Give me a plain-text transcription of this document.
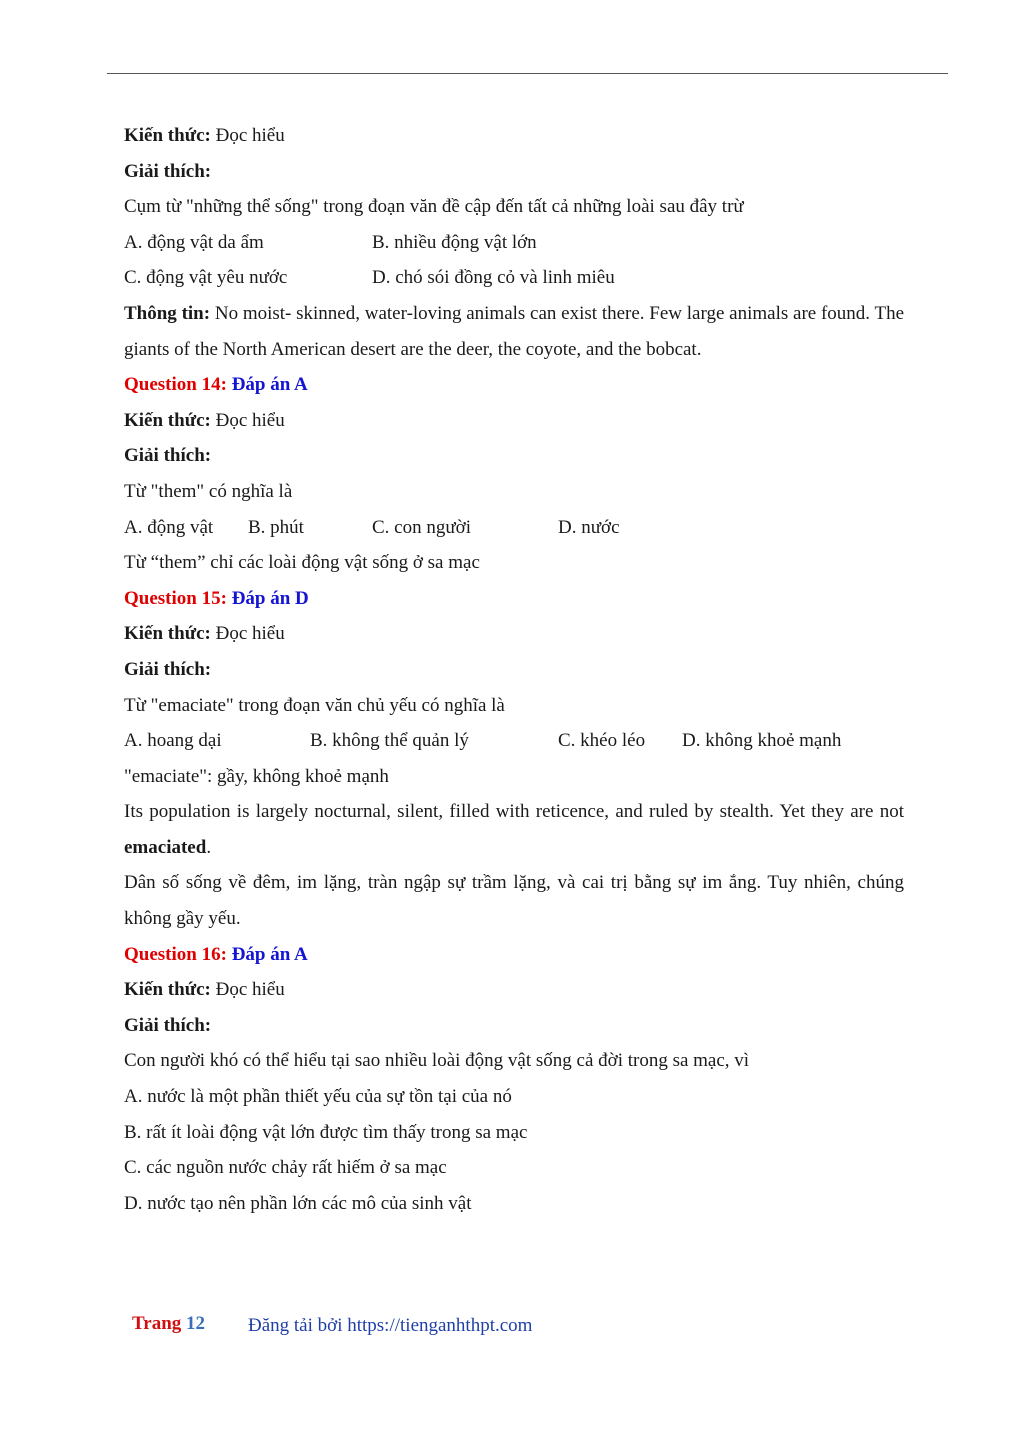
Kiến thức: Đọc hiểu
Giải thích:
Cụm từ "những thể sống" trong đoạn văn đề cập đến tất cả những loài sau đây trừ
A. động vật da ẩm	B. nhiều động vật lớn
C. động vật yêu nước	D. chó sói đồng cỏ và linh miêu
Thông tin: No moist- skinned, water-loving animals can exist there. Few large animals are found. The giants of the North American desert are the deer, the coyote, and the bobcat.
Question 14: Đáp án A
Kiến thức: Đọc hiểu
Giải thích:
Từ "them" có nghĩa là
A. động vật B. phút	C. con người	D. nước
Từ “them” chỉ các loài động vật sống ở sa mạc
Question 15: Đáp án D
Kiến thức: Đọc hiểu
Giải thích:
Từ "emaciate" trong đoạn văn chủ yếu có nghĩa là
A. hoang dại	B. không thể quản lý	C. khéo léo D. không khoẻ mạnh
"emaciate": gầy, không khoẻ mạnh
Its population is largely nocturnal, silent, filled with reticence, and ruled by stealth. Yet they are not emaciated.
Dân số sống về đêm, im lặng, tràn ngập sự trầm lặng, và cai trị bằng sự im ắng. Tuy nhiên, chúng không gầy yếu.
Question 16: Đáp án A
Kiến thức: Đọc hiểu
Giải thích:
Con người khó có thể hiểu tại sao nhiều loài động vật sống cả đời trong sa mạc, vì
A. nước là một phần thiết yếu của sự tồn tại của nó
B. rất ít loài động vật lớn được tìm thấy trong sa mạc
C. các nguồn nước chảy rất hiếm ở sa mạc
D. nước tạo nên phần lớn các mô của sinh vật
Trang 12 Đăng tải bởi https://tienganhthpt.com
